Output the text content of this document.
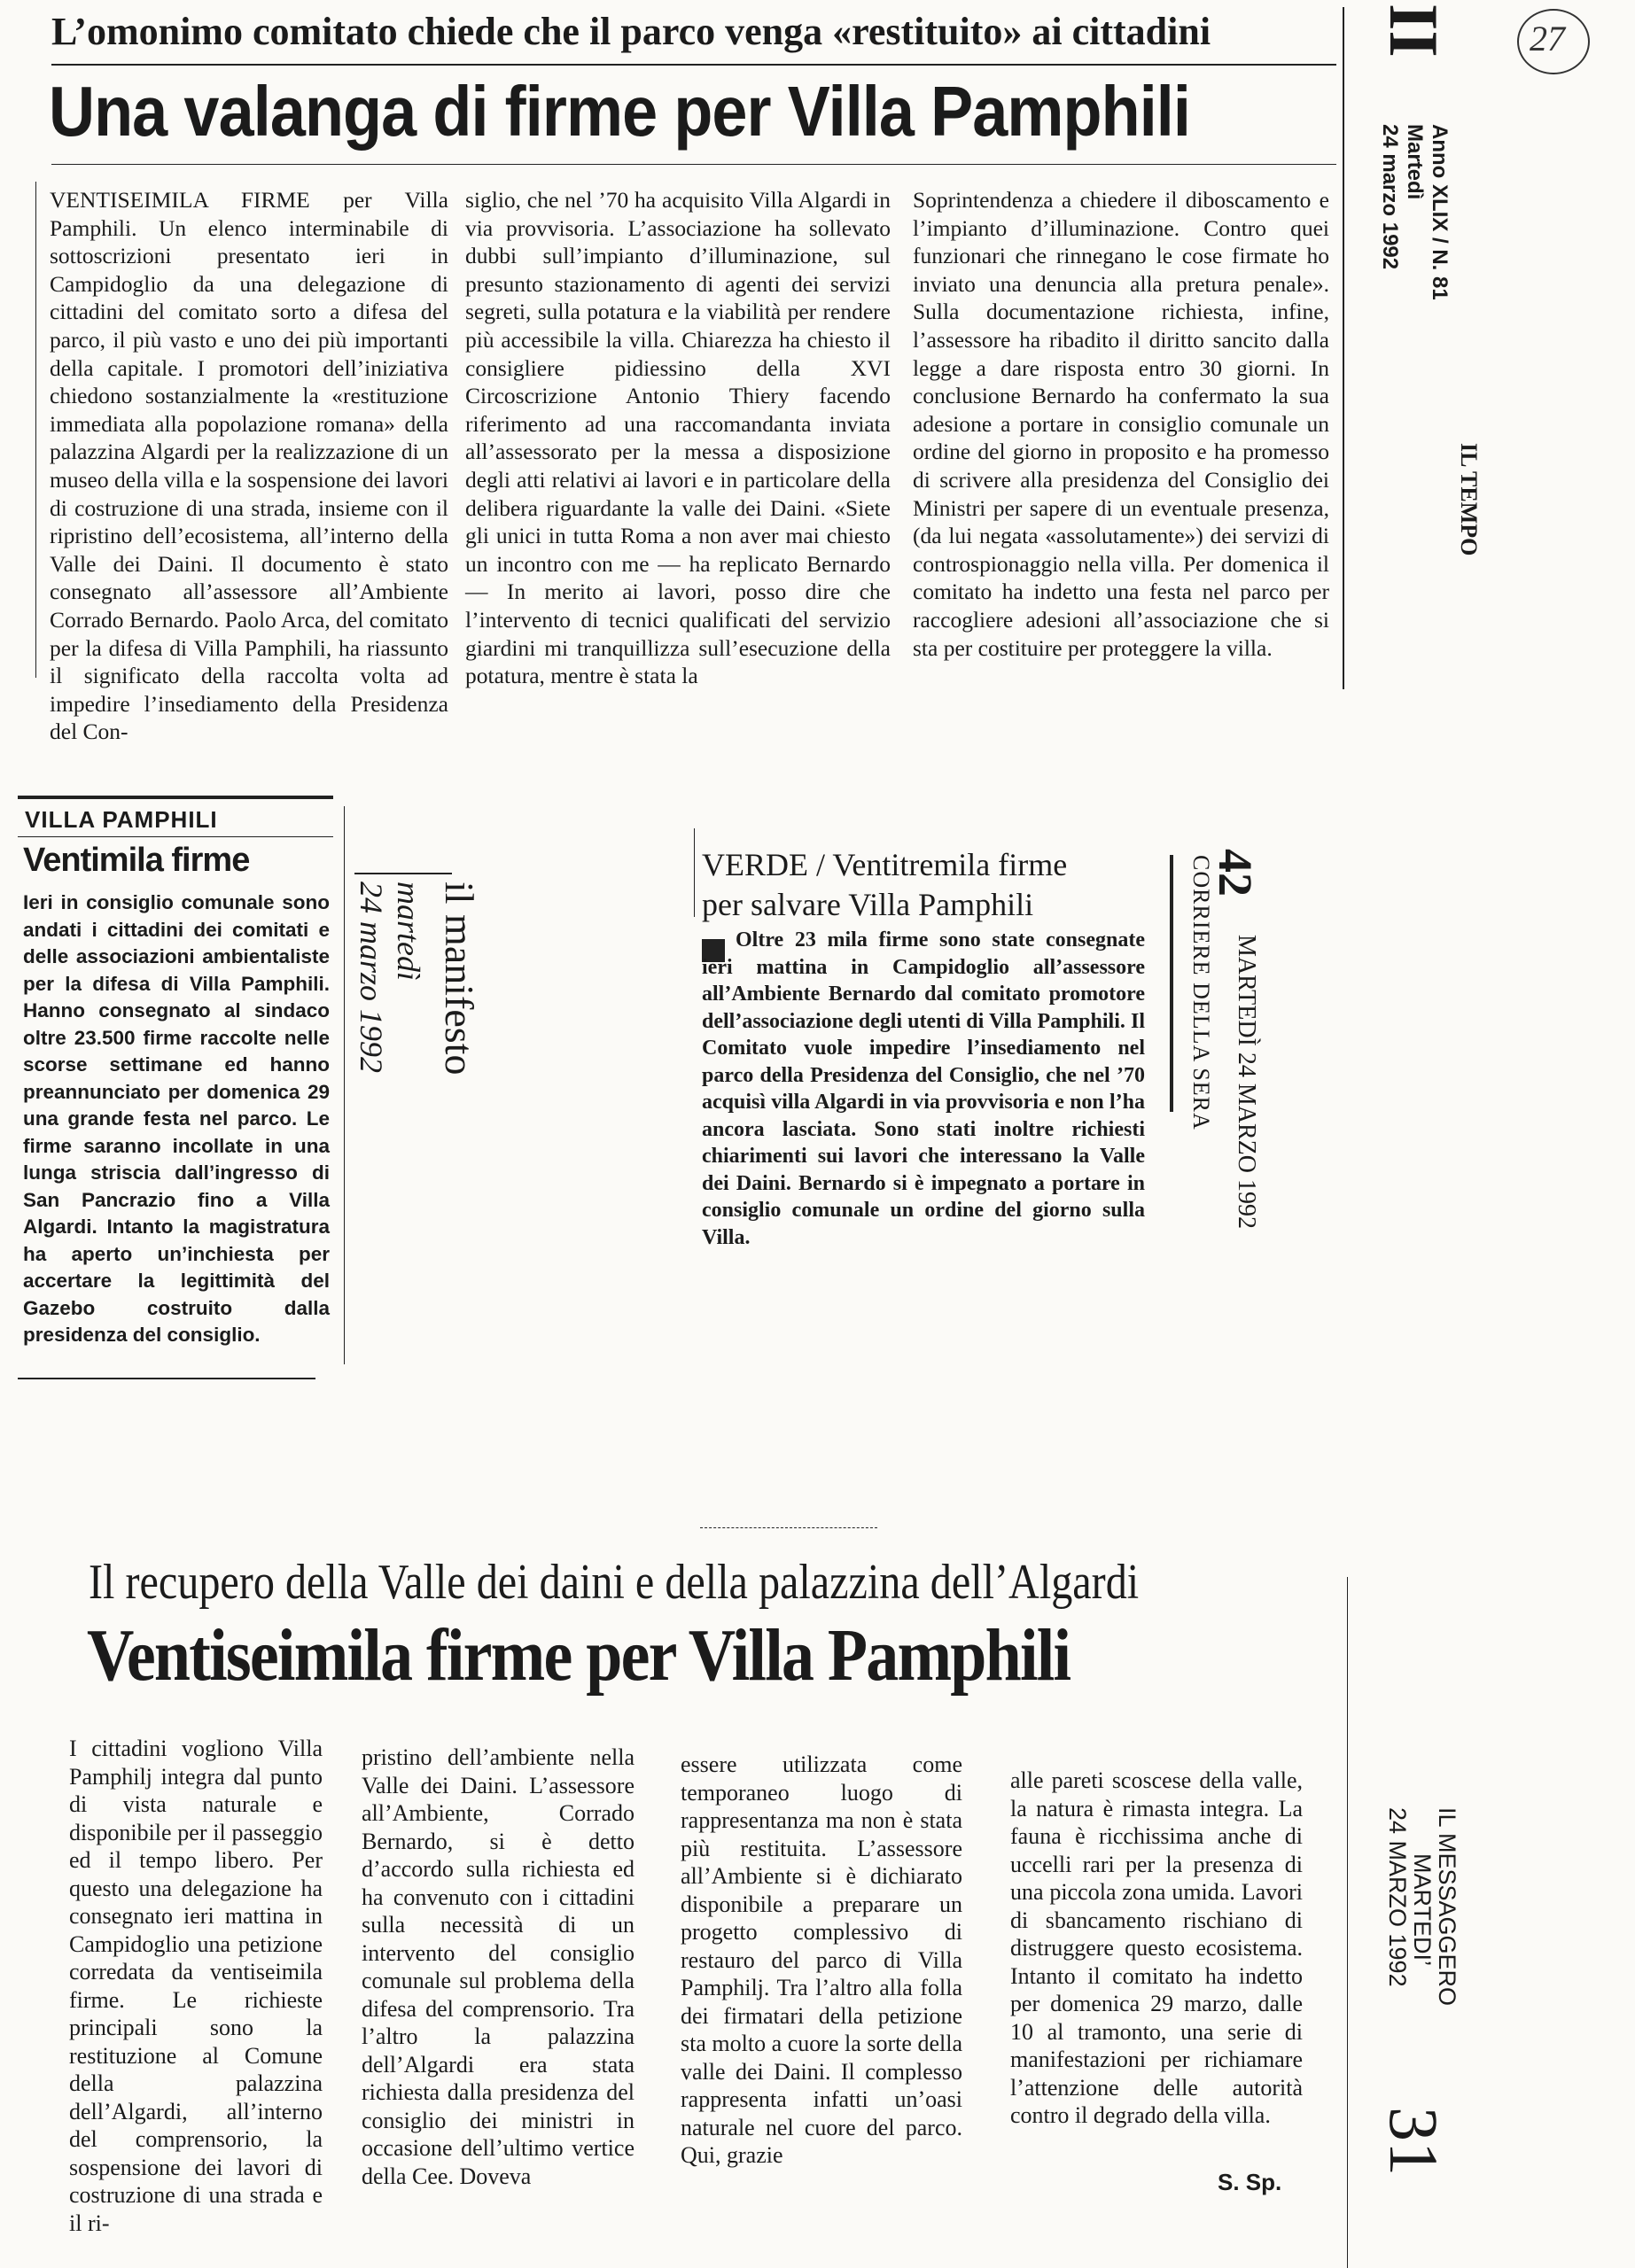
27
L’omonimo comitato chiede che il parco venga «restituito» ai cittadini
Una valanga di firme per Villa Pamphili

VENTISEIMILA FIRME per Villa Pamphili. Un elenco interminabile di sottoscrizioni presentato ieri in Campidoglio da una delegazione di cittadini del comitato sorto a difesa del parco, il più vasto e uno dei più importanti della capitale. I promotori dell’iniziativa chiedono sostanzialmente la «restituzione immediata alla popolazione romana» della palazzina Algardi per la realizzazione di un museo della villa e la sospensione dei lavori di costruzione di una strada, insieme con il ripristino dell’ecosistema, all’interno della Valle dei Daini. Il documento è stato consegnato all’assessore all’Ambiente Corrado Bernardo. Paolo Arca, del comitato per la difesa di Villa Pamphili, ha riassunto il significato della raccolta volta ad impedire l’insediamento della Presidenza del Con-

siglio, che nel ’70 ha acquisito Villa Algardi in via provvisoria. L’associazione ha sollevato dubbi sull’impianto d’illuminazione, sul presunto stazionamento di agenti dei servizi segreti, sulla potatura e la viabilità per rendere più accessibile la villa. Chiarezza ha chiesto il consigliere pidiessino della XVI Circoscrizione Antonio Thiery facendo riferimento ad una raccomandanta inviata all’assessorato per la messa a disposizione degli atti relativi ai lavori e in particolare della delibera riguardante la valle dei Daini. «Siete gli unici in tutta Roma a non aver mai chiesto un incontro con me — ha replicato Bernardo — In merito ai lavori, posso dire che l’intervento di tecnici qualificati del servizio giardini mi tranquillizza sull’esecuzione della potatura, mentre è stata la

Soprintendenza a chiedere il diboscamento e l’impianto d’illuminazione. Contro quei funzionari che rinnegano le cose firmate ho inviato una denuncia alla pretura penale». Sulla documentazione richiesta, infine, l’assessore ha ribadito il diritto sancito dalla legge a dare risposta entro 30 giorni. In conclusione Bernardo ha confermato la sua adesione a portare in consiglio comunale un ordine del giorno in proposito e ha promesso di scrivere alla presidenza del Consiglio dei Ministri per sapere di un eventuale presenza, (da lui negata «assolutamente») dei servizi di controspionaggio nella villa. Per domenica il comitato ha indetto una festa nel parco per raccogliere adesioni all’associazione che si sta per costituire per proteggere la villa.

II
Anno XLIX / N. 81
Martedì
24 marzo 1992
IL TEMPO
VILLA PAMPHILI
Ventimila firme

Ieri in consiglio comunale sono andati i cittadini dei comitati e delle associazioni ambientaliste per la difesa di Villa Pamphili. Hanno consegnato al sindaco oltre 23.500 firme raccolte nelle scorse settimane ed hanno preannunciato per domenica 29 una grande festa nel parco. Le firme saranno incollate in una lunga striscia dall’ingresso di San Pancrazio fino a Villa Algardi. Intanto la magistratura ha aperto un’inchiesta per accertare la legittimità del Gazebo costruito dalla presidenza del consiglio.

il manifesto
martedì
24 marzo 1992
VERDE / Ventitremila firme
per salvare Villa Pamphili

Oltre 23 mila firme sono state consegnate ieri mattina in Campidoglio all’assessore all’Ambiente Bernardo dal comitato promotore dell’associazione degli utenti di Villa Pamphili. Il Comitato vuole impedire l’insediamento nel parco della Presidenza del Consiglio, che nel ’70 acquisì villa Algardi in via provvisoria e non l’ha ancora lasciata. Sono stati inoltre richiesti chiarimenti sui lavori che interessano la Valle dei Daini. Bernardo si è impegnato a portare in consiglio comunale un ordine del giorno sulla Villa.

42
CORRIERE DELLA SERA MARTEDÌ 24 MARZO 1992
Il recupero della Valle dei daini e della palazzina dell’Algardi
Ventiseimila firme per Villa Pamphili

I cittadini vogliono Villa Pamphilj integra dal punto di vista naturale e disponibile per il passeggio ed il tempo libero. Per questo una delegazione ha consegnato ieri mattina in Campidoglio una petizione corredata da ventiseimila firme. Le richieste principali sono la restituzione al Comune della palazzina dell’Algardi, all’interno del comprensorio, la sospensione dei lavori di costruzione di una strada e il ri-

pristino dell’ambiente nella Valle dei Daini. L’assessore all’Ambiente, Corrado Bernardo, si è detto d’accordo sulla richiesta ed ha convenuto con i cittadini sulla necessità di un intervento del consiglio comunale sul problema della difesa del comprensorio. Tra l’altro la palazzina dell’Algardi era stata richiesta dalla presidenza del consiglio dei ministri in occasione dell’ultimo vertice della Cee. Doveva

essere utilizzata come temporaneo luogo di rappresentanza ma non è stata più restituita. L’assessore all’Ambiente si è dichiarato disponibile a preparare un progetto complessivo di restauro del parco di Villa Pamphilj. Tra l’altro alla folla dei firmatari della petizione sta molto a cuore la sorte della valle dei Daini. Il complesso rappresenta infatti un’oasi naturale nel cuore del parco. Qui, grazie

alle pareti scoscese della valle, la natura è rimasta integra. La fauna è ricchissima anche di uccelli rari per la presenza di una piccola zona umida. Lavori di sbancamento rischiano di distruggere questo ecosistema. Intanto il comitato ha indetto per domenica 29 marzo, dalle 10 al tramonto, una serie di manifestazioni per richiamare l’attenzione delle autorità contro il degrado della villa.

S. Sp.
IL MESSAGGERO
MARTEDI’
24 MARZO 1992
31
